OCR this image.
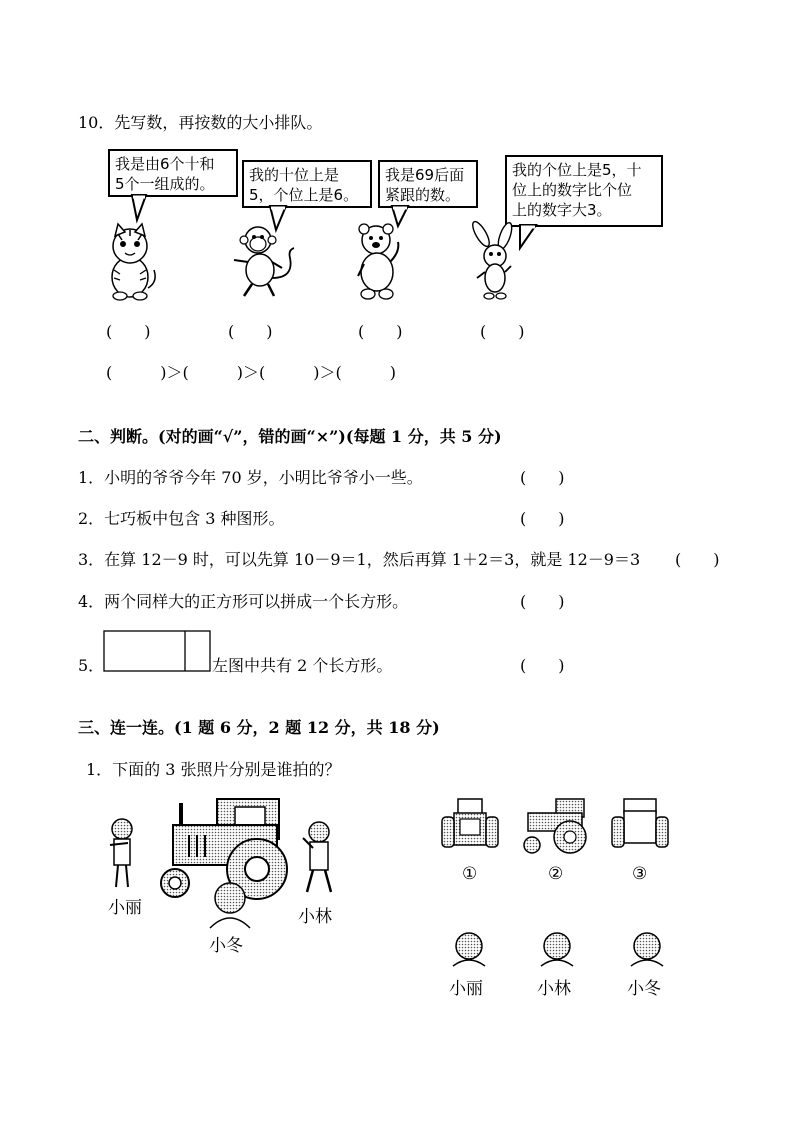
10．先写数，再按数的大小排队。
我是由6个十和
5个一组成的。	我的十位上是
5，个位上是6。
我是69后面
紧跟的数。
我的个位上是5，十
位上的数字比个位
上的数字大3。
(　　)	(　　)	(　　)	(　　)
(　　　)＞(　　　)＞(　　　)＞(　　　)
二、判断。(对的画“√”，错的画“×”)(每题 1 分，共 5 分)
1．小明的爷爷今年 70 岁，小明比爷爷小一些。	(　　)
2．七巧板中包含 3 种图形。	(　　)
3．在算 12－9 时，可以先算 10－9＝1，然后再算 1＋2＝3，就是 12－9＝3 (　　)
4．两个同样大的正方形可以拼成一个长方形。	(　　)
5．	左图中共有 2 个长方形。	(　　)
三、连一连。(1 题 6 分，2 题 12 分，共 18 分)
1．下面的 3 张照片分别是谁拍的？
小丽
小冬
小林
①	②	③
小丽	小林	小冬
